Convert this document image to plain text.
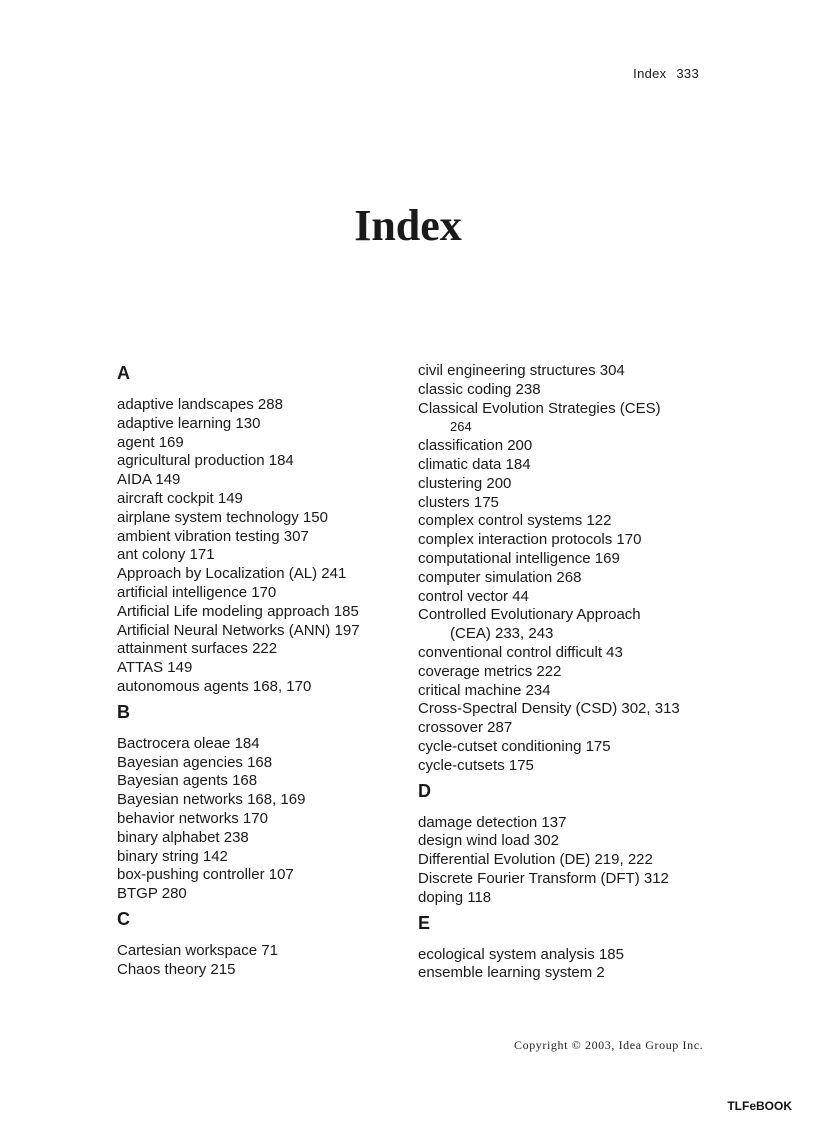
Index 333
Index
A
adaptive landscapes 288
adaptive learning 130
agent 169
agricultural production 184
AIDA 149
aircraft cockpit 149
airplane system technology 150
ambient vibration testing 307
ant colony 171
Approach by Localization (AL) 241
artificial intelligence 170
Artificial Life modeling approach 185
Artificial Neural Networks (ANN) 197
attainment surfaces 222
ATTAS 149
autonomous agents 168, 170
B
Bactrocera oleae 184
Bayesian agencies 168
Bayesian agents 168
Bayesian networks 168, 169
behavior networks 170
binary alphabet 238
binary string 142
box-pushing controller 107
BTGP 280
C
Cartesian workspace 71
Chaos theory 215
civil engineering structures 304
classic coding 238
Classical Evolution Strategies (CES)
264
classification 200
climatic data 184
clustering 200
clusters 175
complex control systems 122
complex interaction protocols 170
computational intelligence 169
computer simulation 268
control vector 44
Controlled Evolutionary Approach
(CEA) 233, 243
conventional control difficult 43
coverage metrics 222
critical machine 234
Cross-Spectral Density (CSD) 302, 313
crossover 287
cycle-cutset conditioning 175
cycle-cutsets 175
D
damage detection 137
design wind load 302
Differential Evolution (DE) 219, 222
Discrete Fourier Transform (DFT) 312
doping 118
E
ecological system analysis 185
ensemble learning system 2
Copyright © 2003, Idea Group Inc.
TLFeBOOK
